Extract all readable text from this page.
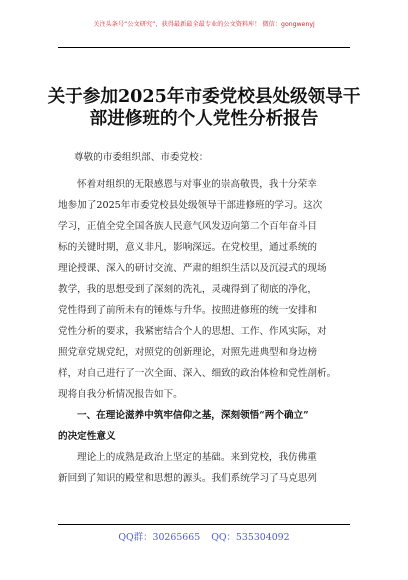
关注头条号“公文研究”，获得最新最全最专业的公文资料库！ 微信：gongwenyj
关于参加2025年市委党校县处级领导干
部进修班的个人党性分析报告
尊敬的市委组织部、市委党校：
怀着对组织的无限感恩与对事业的崇高敬畏，我十分荣幸
地参加了2025年市委党校县处级领导干部进修班的学习。这次
学习，正值全党全国各族人民意气风发迈向第二个百年奋斗目
标的关键时期，意义非凡，影响深远。在党校里，通过系统的
理论授课、深入的研讨交流、严肃的组织生活以及沉浸式的现场
教学，我的思想受到了深刻的洗礼，灵魂得到了彻底的净化，
党性得到了前所未有的锤炼与升华。按照进修班的统一安排和
党性分析的要求，我紧密结合个人的思想、工作、作风实际，对
照党章党规党纪，对照党的创新理论，对照先进典型和身边榜
样，对自己进行了一次全面、深入、细致的政治体检和党性剖析。
现将自我分析情况报告如下。
一、在理论滋养中筑牢信仰之基，深刻领悟“两个确立”
的决定性意义
理论上的成熟是政治上坚定的基础。来到党校，我仿佛重
新回到了知识的殿堂和思想的源头。我们系统学习了马克思列
QQ群：30265665 QQ：535304092
